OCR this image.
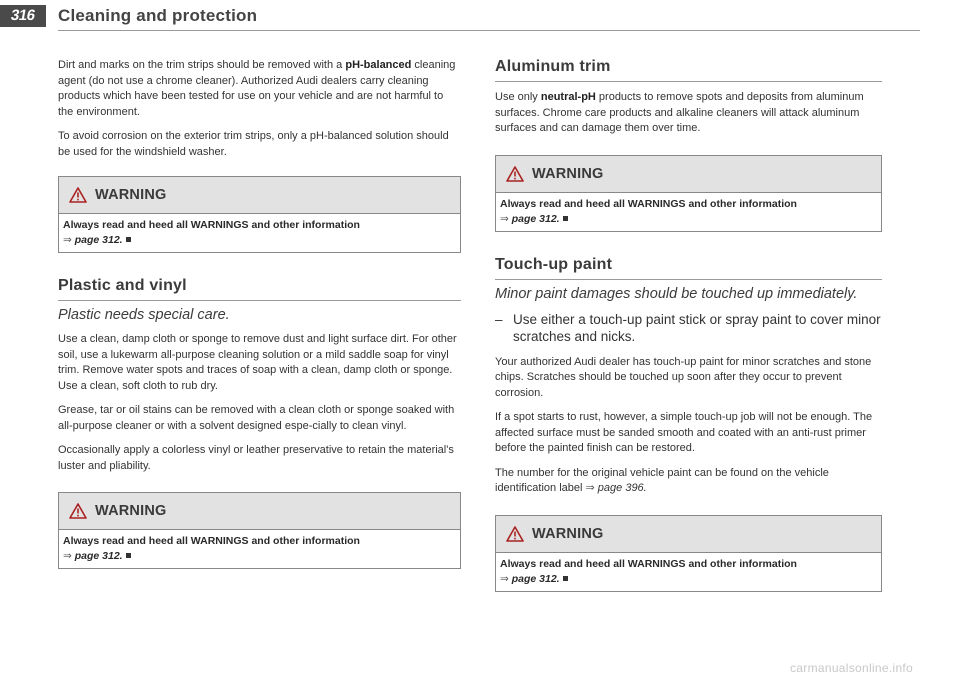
316	Cleaning and protection

Dirt and marks on the trim strips should be removed with a pH-balanced cleaning agent (do not use a chrome cleaner). Authorized Audi dealers carry cleaning products which have been tested for use on your vehicle and are not harmful to the environment.

To avoid corrosion on the exterior trim strips, only a pH-balanced solution should be used for the windshield washer.

WARNING
Always read and heed all WARNINGS and other information
⇒ page 312.
Plastic and vinyl
Plastic needs special care.

Use a clean, damp cloth or sponge to remove dust and light surface dirt. For other soil, use a lukewarm all-purpose cleaning solution or a mild saddle soap for vinyl trim. Remove water spots and traces of soap with a clean, damp cloth or sponge. Use a clean, soft cloth to rub dry.

Grease, tar or oil stains can be removed with a clean cloth or sponge soaked with all-purpose cleaner or with a solvent designed espe-cially to clean vinyl.

Occasionally apply a colorless vinyl or leather preservative to retain the material's luster and pliability.

WARNING
Always read and heed all WARNINGS and other information
⇒ page 312.
Aluminum trim

Use only neutral-pH products to remove spots and deposits from aluminum surfaces. Chrome care products and alkaline cleaners will attack aluminum surfaces and can damage them over time.

WARNING
Always read and heed all WARNINGS and other information
⇒ page 312.
Touch-up paint
Minor paint damages should be touched up immediately.
– Use either a touch-up paint stick or spray paint to cover minor scratches and nicks.

Your authorized Audi dealer has touch-up paint for minor scratches and stone chips. Scratches should be touched up soon after they occur to prevent corrosion.

If a spot starts to rust, however, a simple touch-up job will not be enough. The affected surface must be sanded smooth and coated with an anti-rust primer before the painted finish can be restored.

The number for the original vehicle paint can be found on the vehicle identification label ⇒ page 396.

WARNING
Always read and heed all WARNINGS and other information
⇒ page 312.
carmanualsonline.info
